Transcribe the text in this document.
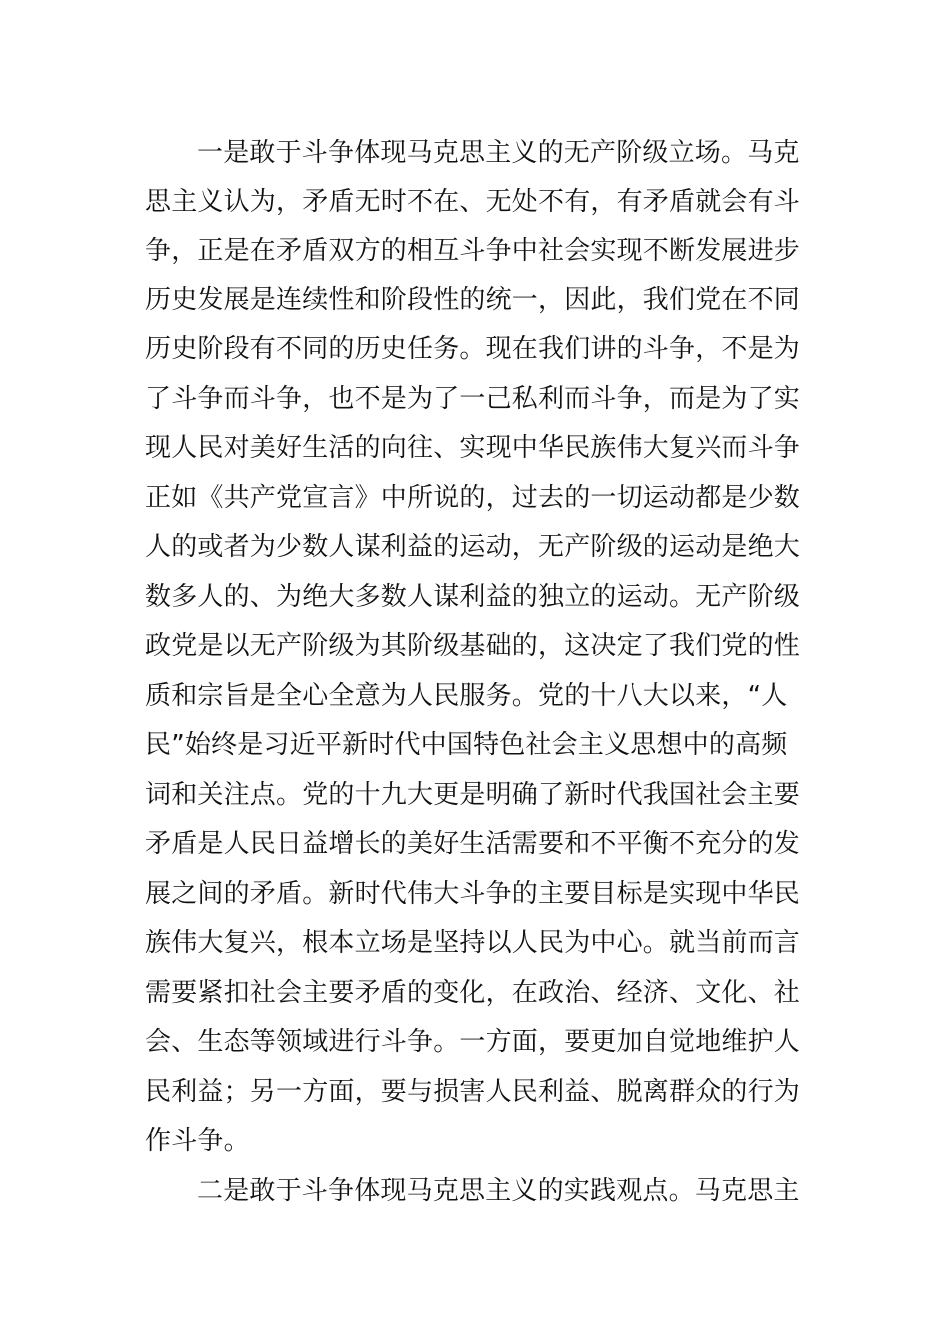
一是敢于斗争体现马克思主义的无产阶级立场。马克
思主义认为，矛盾无时不在、无处不有，有矛盾就会有斗
争，正是在矛盾双方的相互斗争中社会实现不断发展进步
历史发展是连续性和阶段性的统一，因此，我们党在不同
历史阶段有不同的历史任务。现在我们讲的斗争，不是为
了斗争而斗争，也不是为了一己私利而斗争，而是为了实
现人民对美好生活的向往、实现中华民族伟大复兴而斗争
正如《共产党宣言》中所说的，过去的一切运动都是少数
人的或者为少数人谋利益的运动，无产阶级的运动是绝大
数多人的、为绝大多数人谋利益的独立的运动。无产阶级
政党是以无产阶级为其阶级基础的，这决定了我们党的性
质和宗旨是全心全意为人民服务。党的十八大以来，“人
民”始终是习近平新时代中国特色社会主义思想中的高频
词和关注点。党的十九大更是明确了新时代我国社会主要
矛盾是人民日益增长的美好生活需要和不平衡不充分的发
展之间的矛盾。新时代伟大斗争的主要目标是实现中华民
族伟大复兴，根本立场是坚持以人民为中心。就当前而言
需要紧扣社会主要矛盾的变化，在政治、经济、文化、社
会、生态等领域进行斗争。一方面，要更加自觉地维护人
民利益；另一方面，要与损害人民利益、脱离群众的行为
作斗争。
二是敢于斗争体现马克思主义的实践观点。马克思主
